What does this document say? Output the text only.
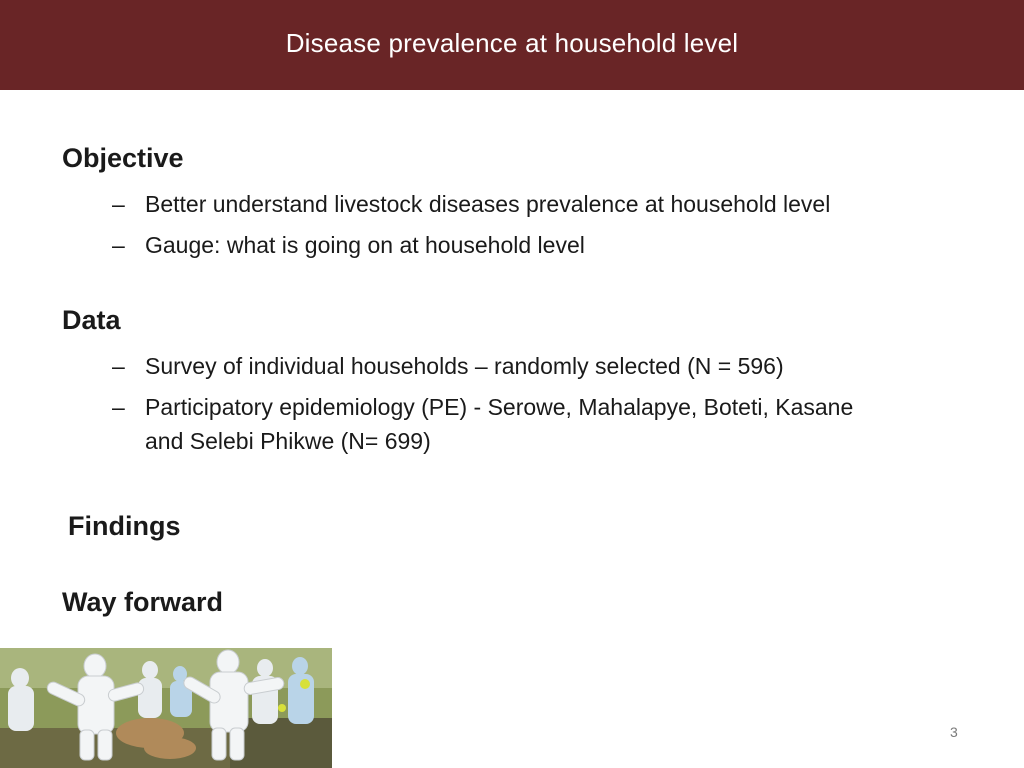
Disease prevalence at household level
Objective
– Better understand livestock diseases prevalence at household level
– Gauge: what is going on at household level
Data
– Survey of individual households – randomly selected (N = 596)
– Participatory epidemiology (PE) - Serowe, Mahalapye, Boteti, Kasane
and Selebi Phikwe (N= 699)
Findings
Way forward
3
